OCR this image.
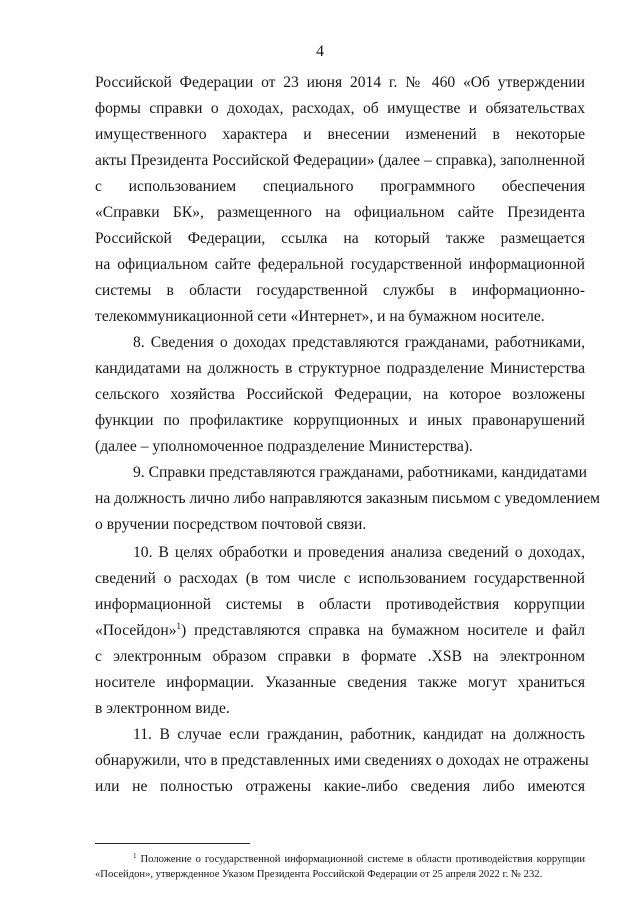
4
Российской Федерации от 23 июня 2014 г. № 460 «Об утверждении
формы справки о доходах, расходах, об имуществе и обязательствах
имущественного характера и внесении изменений в некоторые
акты Президента Российской Федерации» (далее – справка), заполненной
с использованием специального программного обеспечения
«Справки БК», размещенного на официальном сайте Президента
Российской Федерации, ссылка на который также размещается
на официальном сайте федеральной государственной информационной
системы в области государственной службы в информационно-
телекоммуникационной сети «Интернет», и на бумажном носителе.
8. Сведения о доходах представляются гражданами, работниками,
кандидатами на должность в структурное подразделение Министерства
сельского хозяйства Российской Федерации, на которое возложены
функции по профилактике коррупционных и иных правонарушений
(далее – уполномоченное подразделение Министерства).
9. Справки представляются гражданами, работниками, кандидатами
на должность лично либо направляются заказным письмом с уведомлением
о вручении посредством почтовой связи.
10. В целях обработки и проведения анализа сведений о доходах,
сведений о расходах (в том числе с использованием государственной
информационной системы в области противодействия коррупции
«Посейдон»$^1$) представляются справка на бумажном носителе и файл
с электронным образом справки в формате .XSB на электронном
носителе информации. Указанные сведения также могут храниться
в электронном виде.
11. В случае если гражданин, работник, кандидат на должность
обнаружили, что в представленных ими сведениях о доходах не отражены
или не полностью отражены какие-либо сведения либо имеются
$^1$ Положение о государственной информационной системе в области противодействия коррупции
«Посейдон», утвержденное Указом Президента Российской Федерации от 25 апреля 2022 г. № 232.
